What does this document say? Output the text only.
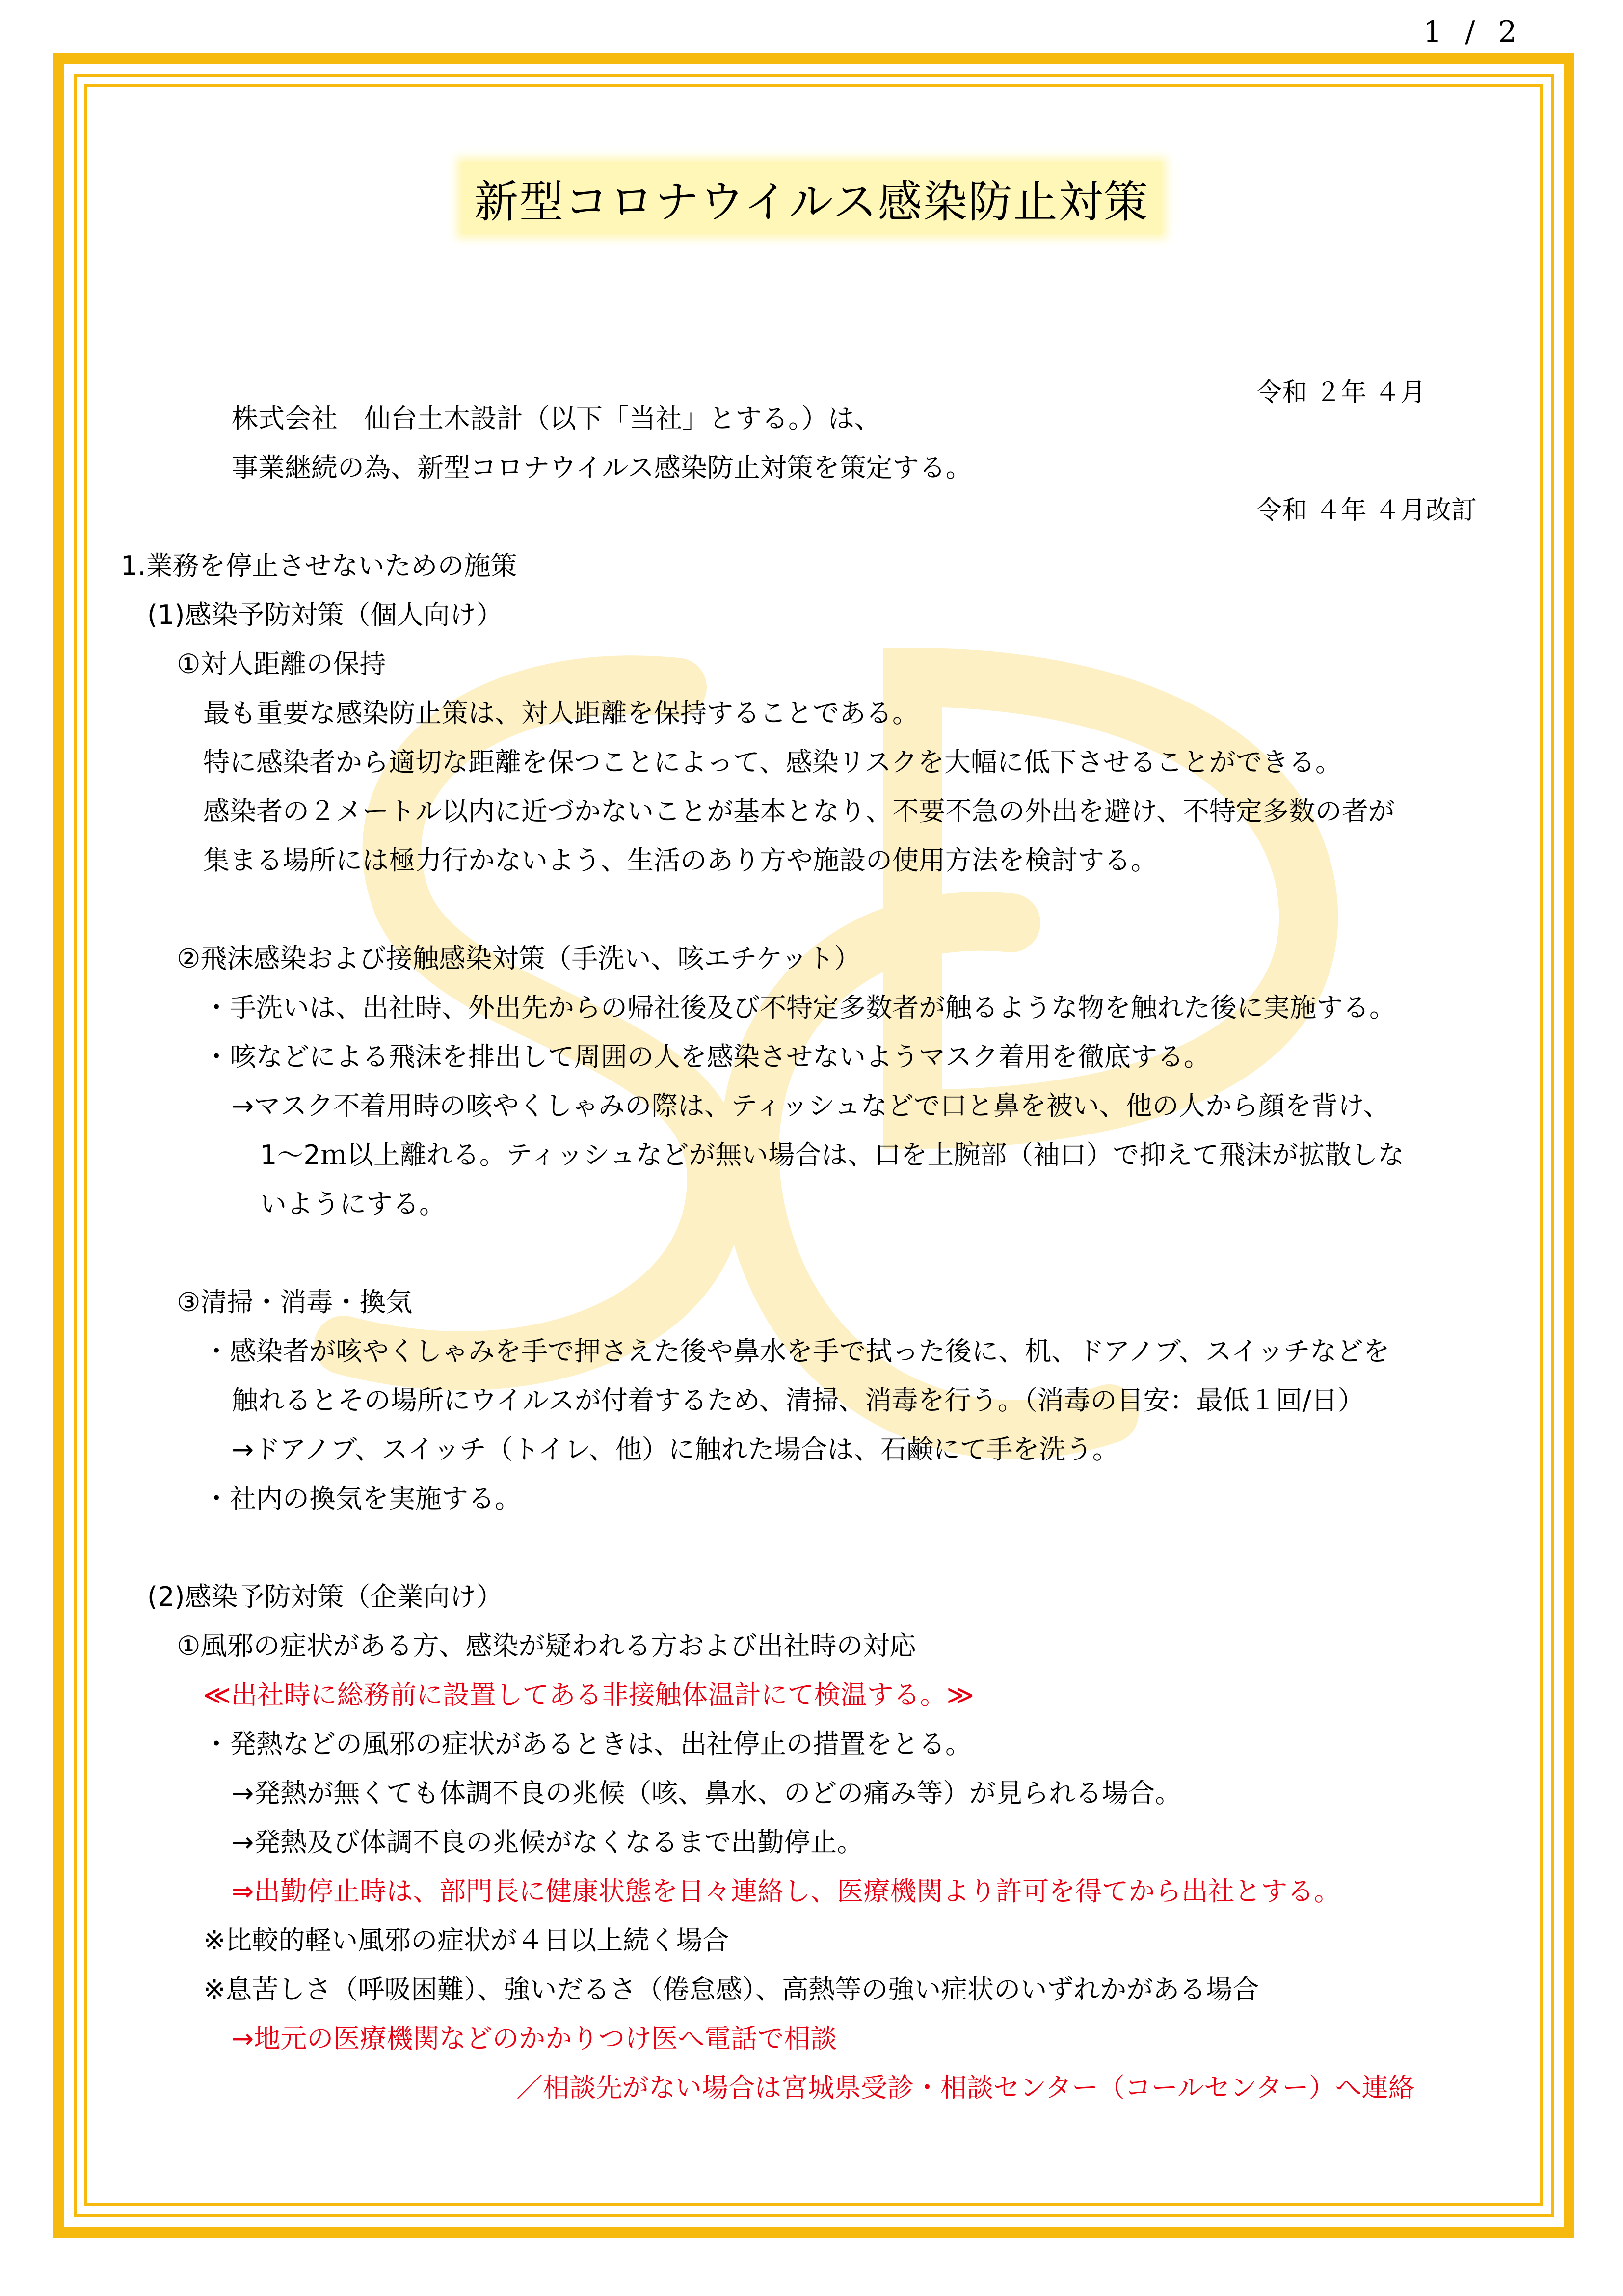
1 / 2
新型コロナウイルス感染防止対策

令和 ２年 ４月

令和 ４年 ４月改訂

株式会社　仙台土木設計（以下「当社」とする。）は、
事業継続の為、新型コロナウイルス感染防止対策を策定する。
1.業務を停止させないための施策
(1)感染予防対策（個人向け）
①対人距離の保持
最も重要な感染防止策は、対人距離を保持することである。
特に感染者から適切な距離を保つことによって、感染リスクを大幅に低下させることができる。
感染者の２メートル以内に近づかないことが基本となり、不要不急の外出を避け、不特定多数の者が
集まる場所には極力行かないよう、生活のあり方や施設の使用方法を検討する。
②飛沫感染および接触感染対策（手洗い、咳エチケット）
・手洗いは、出社時、外出先からの帰社後及び不特定多数者が触るような物を触れた後に実施する。
・咳などによる飛沫を排出して周囲の人を感染させないようマスク着用を徹底する。
→マスク不着用時の咳やくしゃみの際は、ティッシュなどで口と鼻を被い、他の人から顔を背け、
1～2ｍ以上離れる。ティッシュなどが無い場合は、口を上腕部（袖口）で抑えて飛沫が拡散しな
いようにする。
③清掃・消毒・換気
・感染者が咳やくしゃみを手で押さえた後や鼻水を手で拭った後に、机、ドアノブ、スイッチなどを
触れるとその場所にウイルスが付着するため、清掃、消毒を行う。（消毒の目安：最低１回/日）
→ドアノブ、スイッチ（トイレ、他）に触れた場合は、石鹸にて手を洗う。
・社内の換気を実施する。
(2)感染予防対策（企業向け）
①風邪の症状がある方、感染が疑われる方および出社時の対応
≪出社時に総務前に設置してある非接触体温計にて検温する。≫
・発熱などの風邪の症状があるときは、出社停止の措置をとる。
→発熱が無くても体調不良の兆候（咳、鼻水、のどの痛み等）が見られる場合。
→発熱及び体調不良の兆候がなくなるまで出勤停止。
⇒出勤停止時は、部門長に健康状態を日々連絡し、医療機関より許可を得てから出社とする。
※比較的軽い風邪の症状が４日以上続く場合
※息苦しさ（呼吸困難）、強いだるさ（倦怠感）、高熱等の強い症状のいずれかがある場合
→地元の医療機関などのかかりつけ医へ電話で相談
／相談先がない場合は宮城県受診・相談センター（コールセンター）へ連絡
